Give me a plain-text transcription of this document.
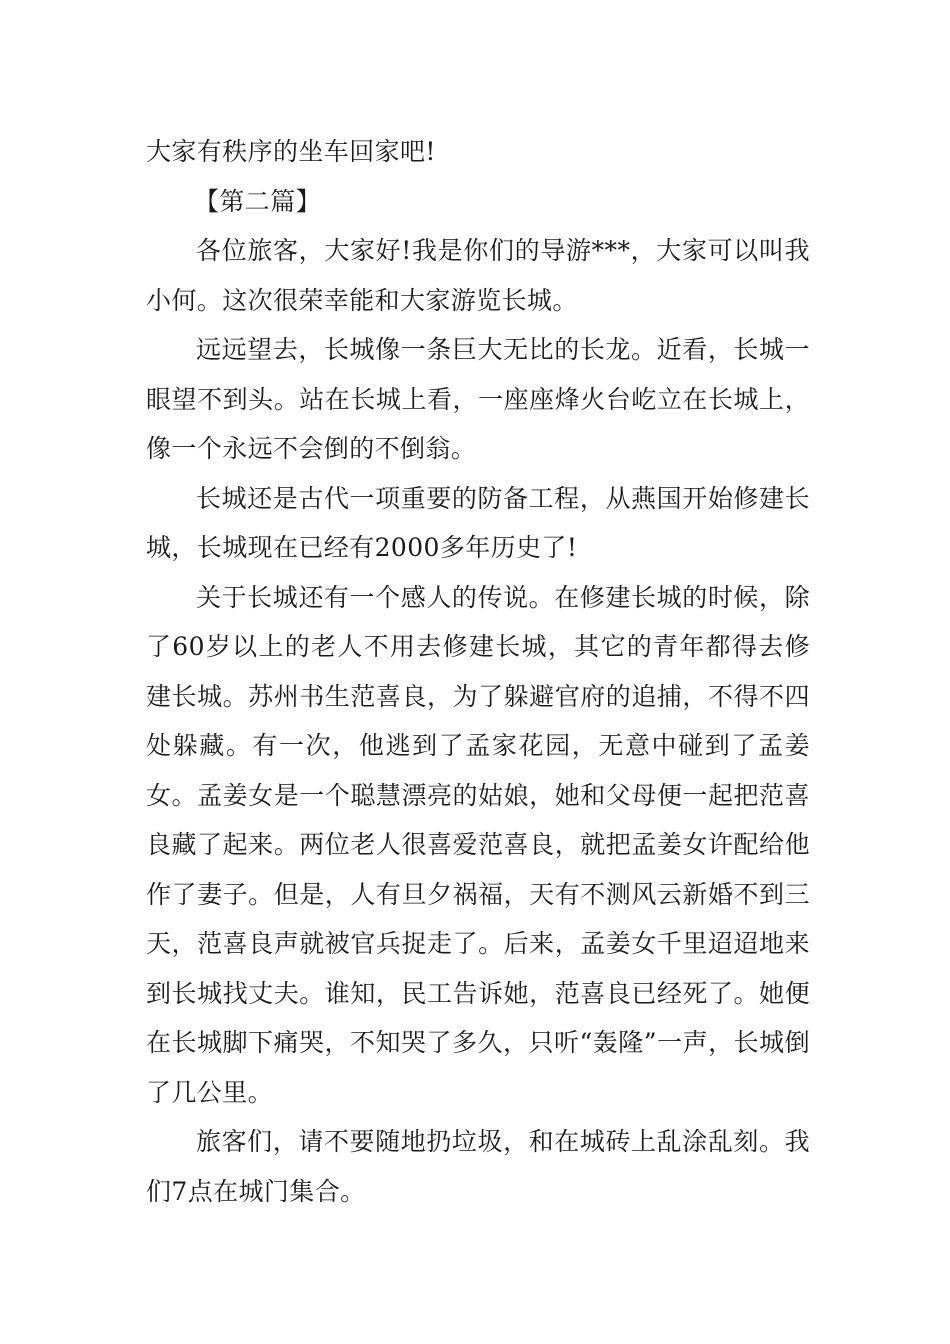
大家有秩序的坐车回家吧!

【第二篇】

各位旅客，大家好!我是你们的导游***，大家可以叫我小何。这次很荣幸能和大家游览长城。

远远望去，长城像一条巨大无比的长龙。近看，长城一眼望不到头。站在长城上看，一座座烽火台屹立在长城上，像一个永远不会倒的不倒翁。

长城还是古代一项重要的防备工程，从燕国开始修建长城，长城现在已经有2000多年历史了!

关于长城还有一个感人的传说。在修建长城的时候，除了60岁以上的老人不用去修建长城，其它的青年都得去修建长城。苏州书生范喜良，为了躲避官府的追捕，不得不四处躲藏。有一次，他逃到了孟家花园，无意中碰到了孟姜女。孟姜女是一个聪慧漂亮的姑娘，她和父母便一起把范喜良藏了起来。两位老人很喜爱范喜良，就把孟姜女许配给他作了妻子。但是，人有旦夕祸福，天有不测风云新婚不到三天，范喜良声就被官兵捉走了。后来，孟姜女千里迢迢地来到长城找丈夫。谁知，民工告诉她，范喜良已经死了。她便在长城脚下痛哭，不知哭了多久，只听“轰隆”一声，长城倒了几公里。

旅客们，请不要随地扔垃圾，和在城砖上乱涂乱刻。我们7点在城门集合。
